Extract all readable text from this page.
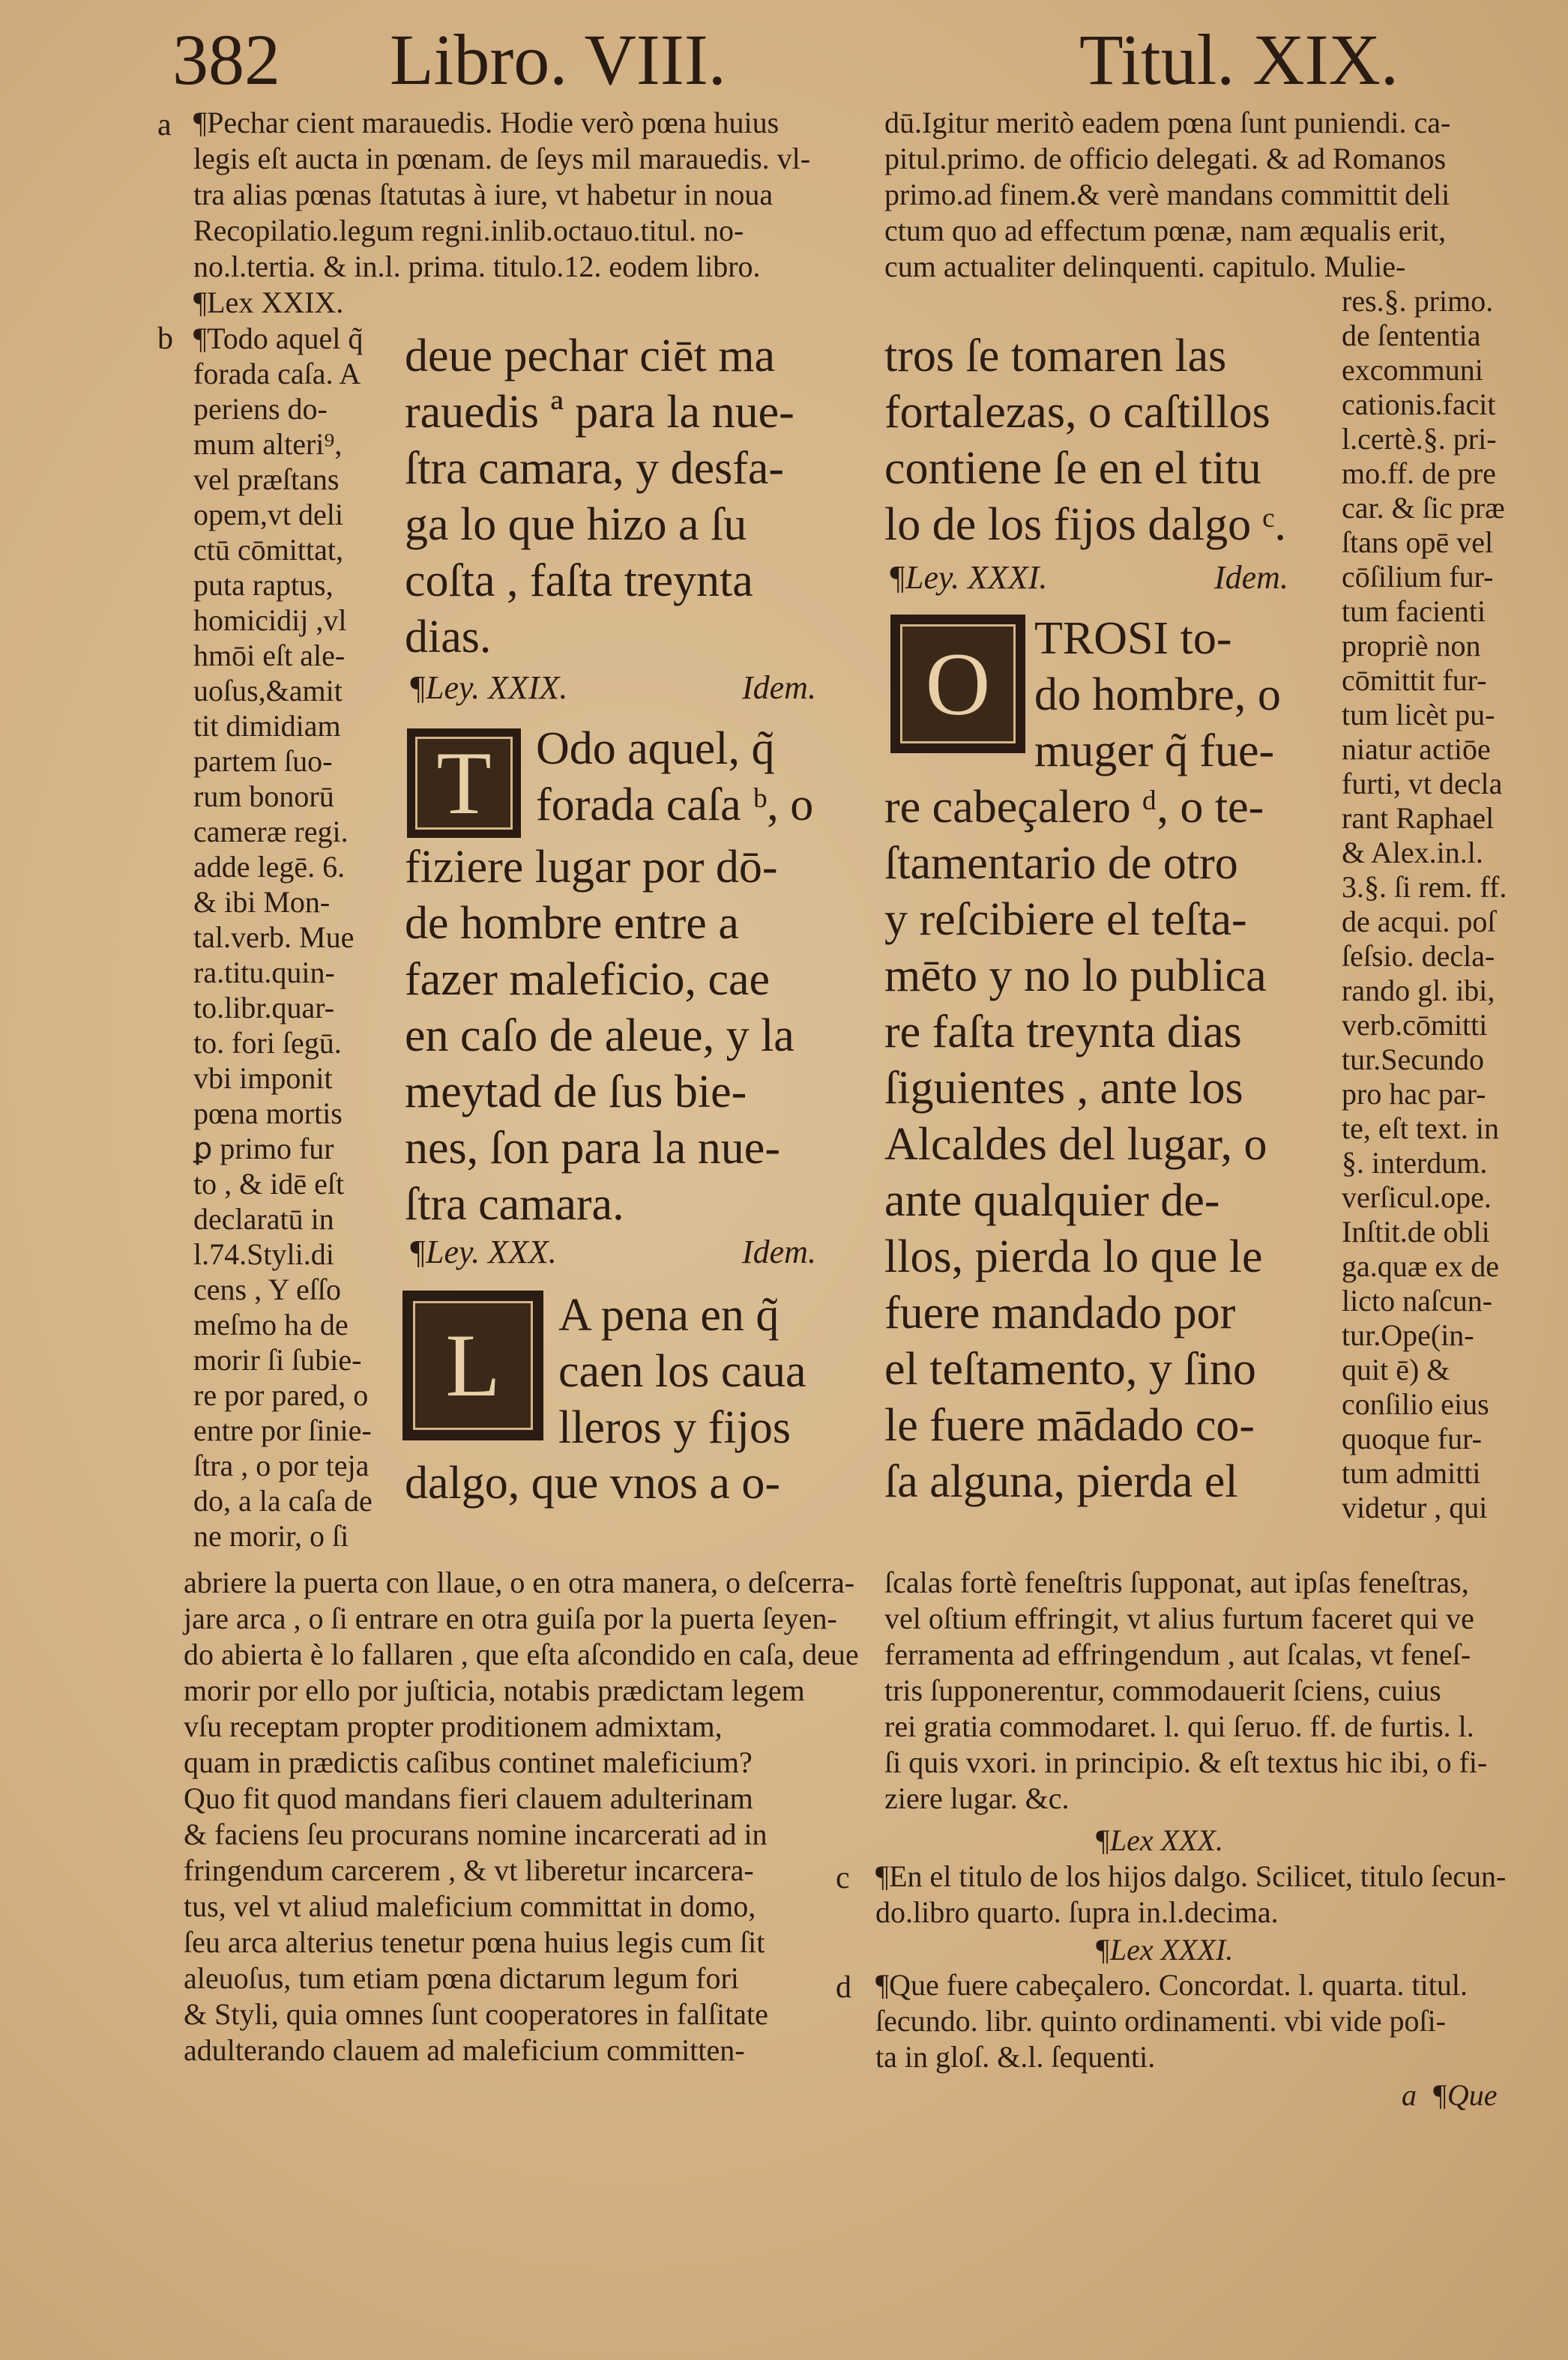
382 Libro. VIII.	Titul. XIX.
a
b
c
d
¶Pechar cient marauedis. Hodie verò pœna huius
legis eſt aucta in pœnam. de ſeys mil marauedis. vl-
tra alias pœnas ſtatutas à iure, vt habetur in noua
Recopilatio.legum regni.inlib.octauo.titul. no-
no.l.tertia. & in.l. prima. titulo.12. eodem libro.
¶Lex XXIX.
dū.Igitur meritò eadem pœna ſunt puniendi. ca-
pitul.primo. de officio delegati. & ad Romanos
primo.ad finem.& verè mandans committit deli
ctum quo ad effectum pœnæ, nam æqualis erit,
cum actualiter delinquenti. capitulo. Mulie-
¶Todo aquel q̃
forada caſa. A
periens do-
mum alteri⁹,
vel præſtans
opem,vt deli
ctū cōmittat,
puta raptus,
homicidij ,vl
hmōi eſt ale-
uoſus,&amit
tit dimidiam
partem ſuo-
rum bonorū
cameræ regi.
adde legē. 6.
& ibi Mon-
tal.verb. Mue
ra.titu.quin-
to.libr.quar-
to. fori ſegū.
vbi imponit
pœna mortis
ꝑ primo fur
to , & idē eſt
declaratū in
l.74.Styli.di
cens , Y eſſo
meſmo ha de
morir ſi ſubie-
re por pared, o
entre por ſinie-
ſtra , o por teja
do, a la caſa de
ne morir, o ſi
deue pechar ciēt ma
rauedis ª para la nue-
ſtra camara, y desfa-
ga lo que hizo a ſu
coſta , faſta treynta
dias.
¶Ley. XXIX.	Idem.
T Odo aquel, q̃
forada caſa ᵇ, o
fiziere lugar por dō-
de hombre entre a
fazer maleficio, cae
en caſo de aleue, y la
meytad de ſus bie-
nes, ſon para la nue-
ſtra camara.
¶Ley. XXX.	Idem.
L A pena en q̃
caen los caua
lleros y fijos
dalgo, que vnos a o-
tros ſe tomaren las
fortalezas, o caſtillos
contiene ſe en el titu
lo de los fijos dalgo ᶜ.
¶Ley. XXXI.	Idem.
O TROSI to-
do hombre, o
muger q̃ fue-
re cabeçalero ᵈ, o te-
ſtamentario de otro
y reſcibiere el teſta-
mēto y no lo publica
re faſta treynta dias
ſiguientes , ante los
Alcaldes del lugar, o
ante qualquier de-
llos, pierda lo que le
fuere mandado por
el teſtamento, y ſino
le fuere mādado co-
ſa alguna, pierda el
res.§. primo.
de ſententia
excommuni
cationis.facit
l.certè.§. pri-
mo.ff. de pre
car. & ſic præ
ſtans opē vel
cōſilium fur-
tum facienti
propriè non
cōmittit fur-
tum licèt pu-
niatur actiōe
furti, vt decla
rant Raphael
& Alex.in.l.
3.§. ſi rem. ff.
de acqui. poſ
ſeſsio. decla-
rando gl. ibi,
verb.cōmitti
tur.Secundo
pro hac par-
te, eſt text. in
§. interdum.
verſicul.ope.
Inſtit.de obli
ga.quæ ex de
licto naſcun-
tur.Ope(in-
quit ē) &
conſilio eius
quoque fur-
tum admitti
videtur , qui
abriere la puerta con llaue, o en otra manera, o deſcerra-
jare arca , o ſi entrare en otra guiſa por la puerta ſeyen-
do abierta è lo fallaren , que eſta aſcondido en caſa, deue
morir por ello por juſticia, notabis prædictam legem
vſu receptam propter proditionem admixtam,
quam in prædictis caſibus continet maleficium?
Quo fit quod mandans fieri clauem adulterinam
& faciens ſeu procurans nomine incarcerati ad in
fringendum carcerem , & vt liberetur incarcera-
tus, vel vt aliud maleficium committat in domo,
ſeu arca alterius tenetur pœna huius legis cum ſit
aleuoſus, tum etiam pœna dictarum legum fori
& Styli, quia omnes ſunt cooperatores in falſitate
adulterando clauem ad maleficium committen-
ſcalas fortè feneſtris ſupponat, aut ipſas feneſtras,
vel oſtium effringit, vt alius furtum faceret qui ve
ferramenta ad effringendum , aut ſcalas, vt feneſ-
tris ſupponerentur, commodauerit ſciens, cuius
rei gratia commodaret. l. qui ſeruo. ff. de furtis. l.
ſi quis vxori. in principio. & eſt textus hic ibi, o fi-
ziere lugar. &c.
¶Lex XXX.
¶En el titulo de los hijos dalgo. Scilicet, titulo ſecun-
do.libro quarto. ſupra in.l.decima.
¶Lex XXXI.
¶Que fuere cabeçalero. Concordat. l. quarta. titul.
ſecundo. libr. quinto ordinamenti. vbi vide poſi-
ta in gloſ. &.l. ſequenti.
a ¶Que
